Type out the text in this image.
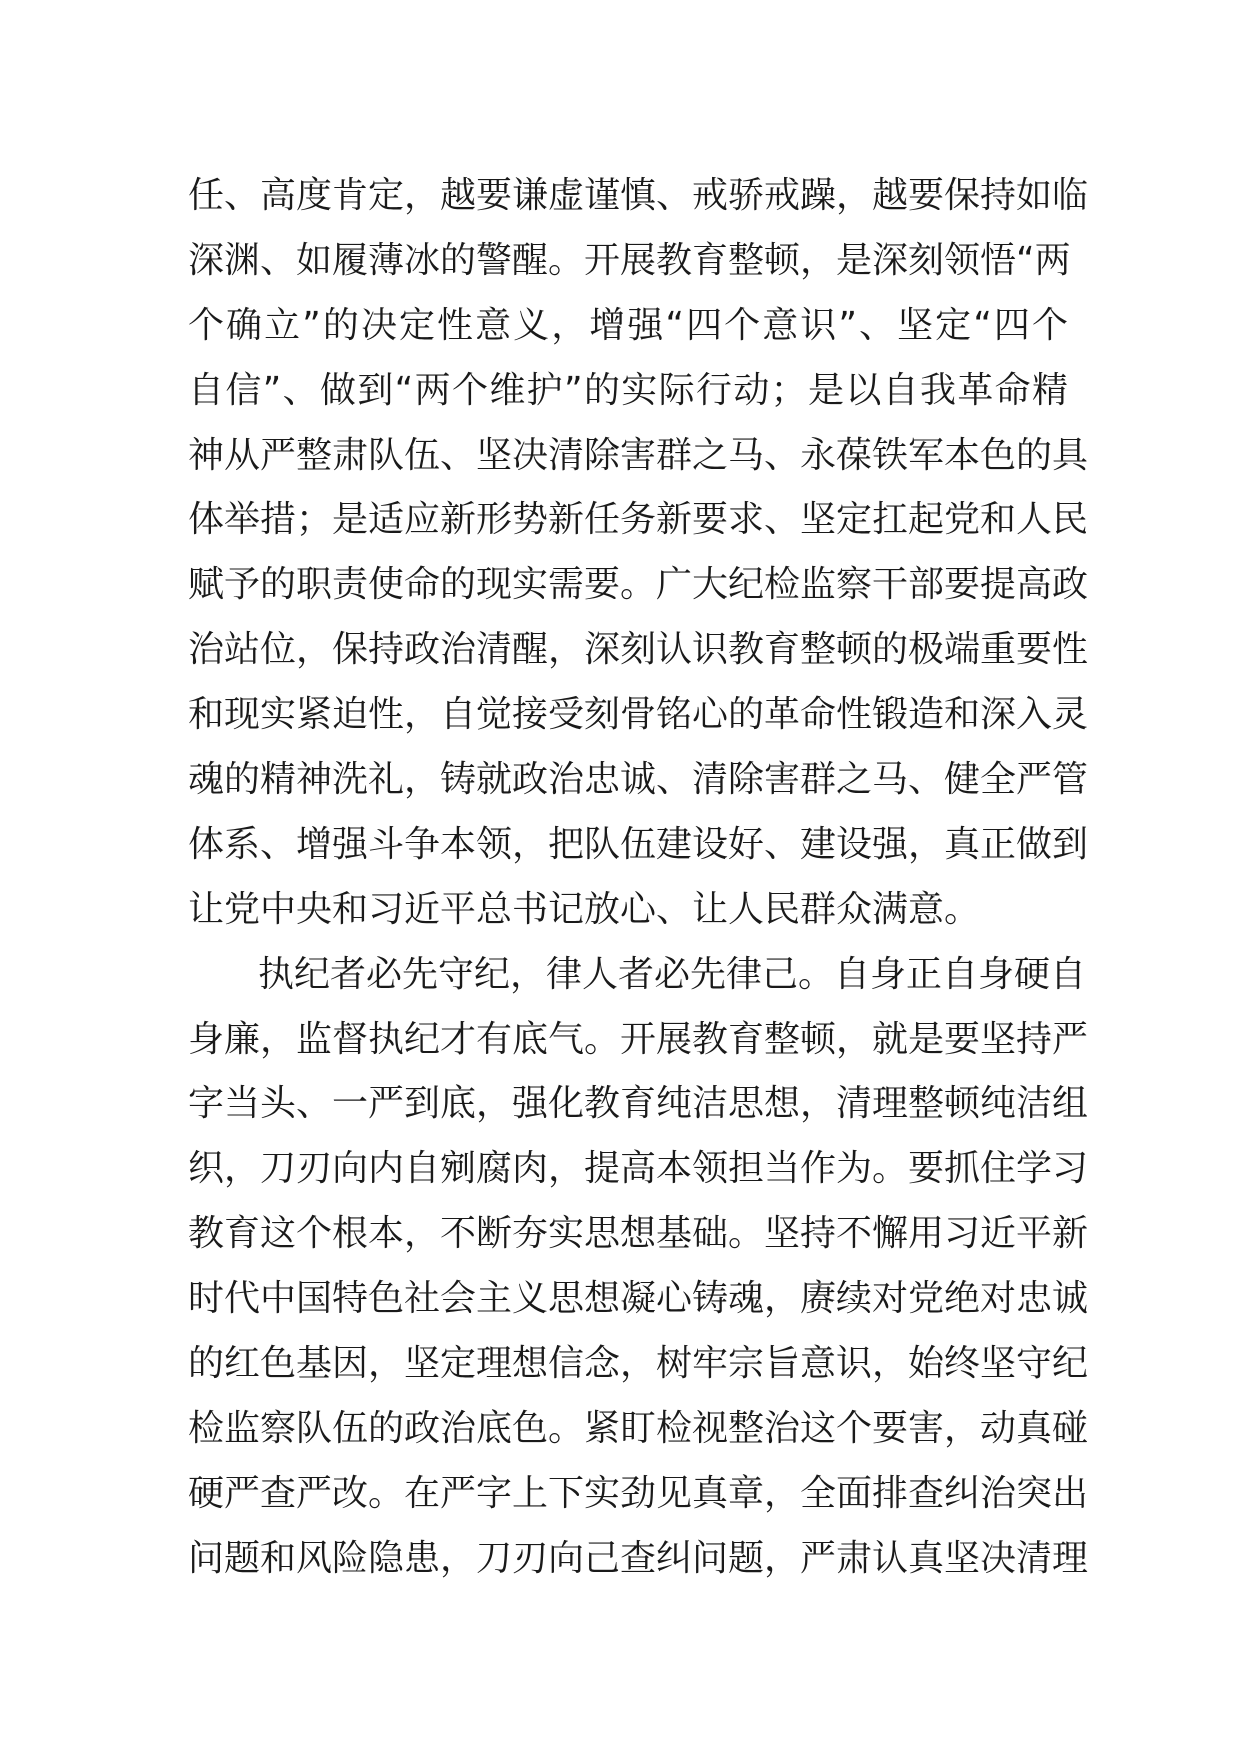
任、高度肯定，越要谦虚谨慎、戒骄戒躁，越要保持如临
深渊、如履薄冰的警醒。开展教育整顿，是深刻领悟“两
个确立”的决定性意义，增强“四个意识”、坚定“四个
自信”、做到“两个维护”的实际行动；是以自我革命精
神从严整肃队伍、坚决清除害群之马、永葆铁军本色的具
体举措；是适应新形势新任务新要求、坚定扛起党和人民
赋予的职责使命的现实需要。广大纪检监察干部要提高政
治站位，保持政治清醒，深刻认识教育整顿的极端重要性
和现实紧迫性，自觉接受刻骨铭心的革命性锻造和深入灵
魂的精神洗礼，铸就政治忠诚、清除害群之马、健全严管
体系、增强斗争本领，把队伍建设好、建设强，真正做到
让党中央和习近平总书记放心、让人民群众满意。
执纪者必先守纪，律人者必先律己。自身正自身硬自
身廉，监督执纪才有底气。开展教育整顿，就是要坚持严
字当头、一严到底，强化教育纯洁思想，清理整顿纯洁组
织，刀刃向内自剜腐肉，提高本领担当作为。要抓住学习
教育这个根本，不断夯实思想基础。坚持不懈用习近平新
时代中国特色社会主义思想凝心铸魂，赓续对党绝对忠诚
的红色基因，坚定理想信念，树牢宗旨意识，始终坚守纪
检监察队伍的政治底色。紧盯检视整治这个要害，动真碰
硬严查严改。在严字上下实劲见真章，全面排查纠治突出
问题和风险隐患，刀刃向己查纠问题，严肃认真坚决清理
